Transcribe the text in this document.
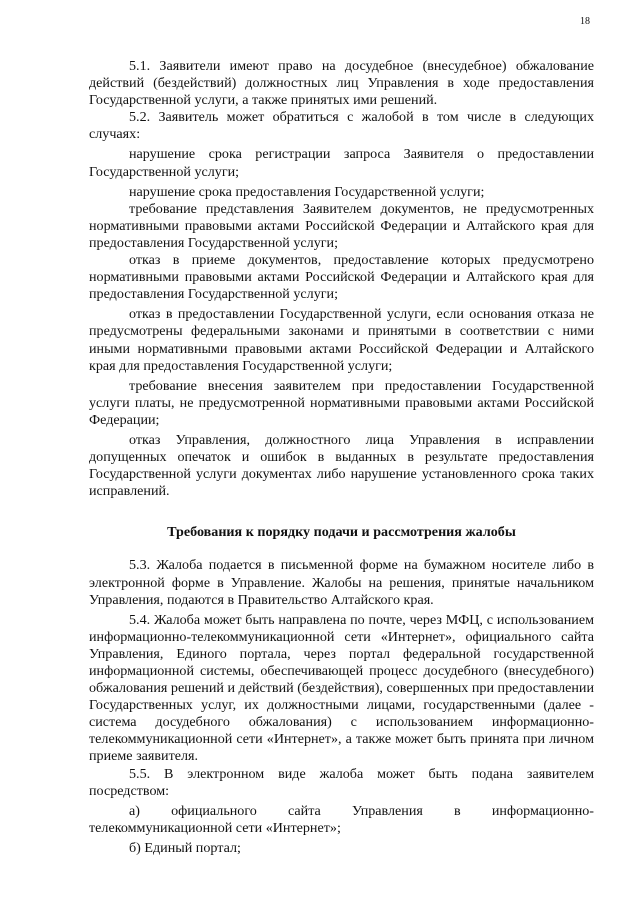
18

5.1. Заявители имеют право на досудебное (внесудебное) обжалование действий (бездействий) должностных лиц Управления в ходе предоставления Государственной услуги, а также принятых ими решений.

5.2. Заявитель может обратиться с жалобой в том числе в следующих случаях:

нарушение срока регистрации запроса Заявителя о предоставлении Государственной услуги;

нарушение срока предоставления Государственной услуги;

требование представления Заявителем документов, не предусмотренных нормативными правовыми актами Российской Федерации и Алтайского края для предоставления Государственной услуги;

отказ в приеме документов, предоставление которых предусмотрено нормативными правовыми актами Российской Федерации и Алтайского края для предоставления Государственной услуги;

отказ в предоставлении Государственной услуги, если основания отказа не предусмотрены федеральными законами и принятыми в соответствии с ними иными нормативными правовыми актами Российской Федерации и Алтайского края для предоставления Государственной услуги;

требование внесения заявителем при предоставлении Государственной услуги платы, не предусмотренной нормативными правовыми актами Российской Федерации;

отказ Управления, должностного лица Управления в исправлении допущенных опечаток и ошибок в выданных в результате предоставления Государственной услуги документах либо нарушение установленного срока таких исправлений.

Требования к порядку подачи и рассмотрения жалобы

5.3. Жалоба подается в письменной форме на бумажном носителе либо в электронной форме в Управление. Жалобы на решения, принятые начальником Управления, подаются в Правительство Алтайского края.

5.4. Жалоба может быть направлена по почте, через МФЦ, с использованием информационно-телекоммуникационной сети «Интернет», официального сайта Управления, Единого портала, через портал федеральной государственной информационной системы, обеспечивающей процесс досудебного (внесудебного) обжалования решений и действий (бездействия), совершенных при предоставлении Государственных услуг, их должностными лицами, государственными (далее - система досудебного обжалования) с использованием информационно-телекоммуникационной сети «Интернет», а также может быть принята при личном приеме заявителя.

5.5. В электронном виде жалоба может быть подана заявителем посредством:

а) официального сайта Управления в информационно-телекоммуникационной сети «Интернет»;

б) Единый портал;
